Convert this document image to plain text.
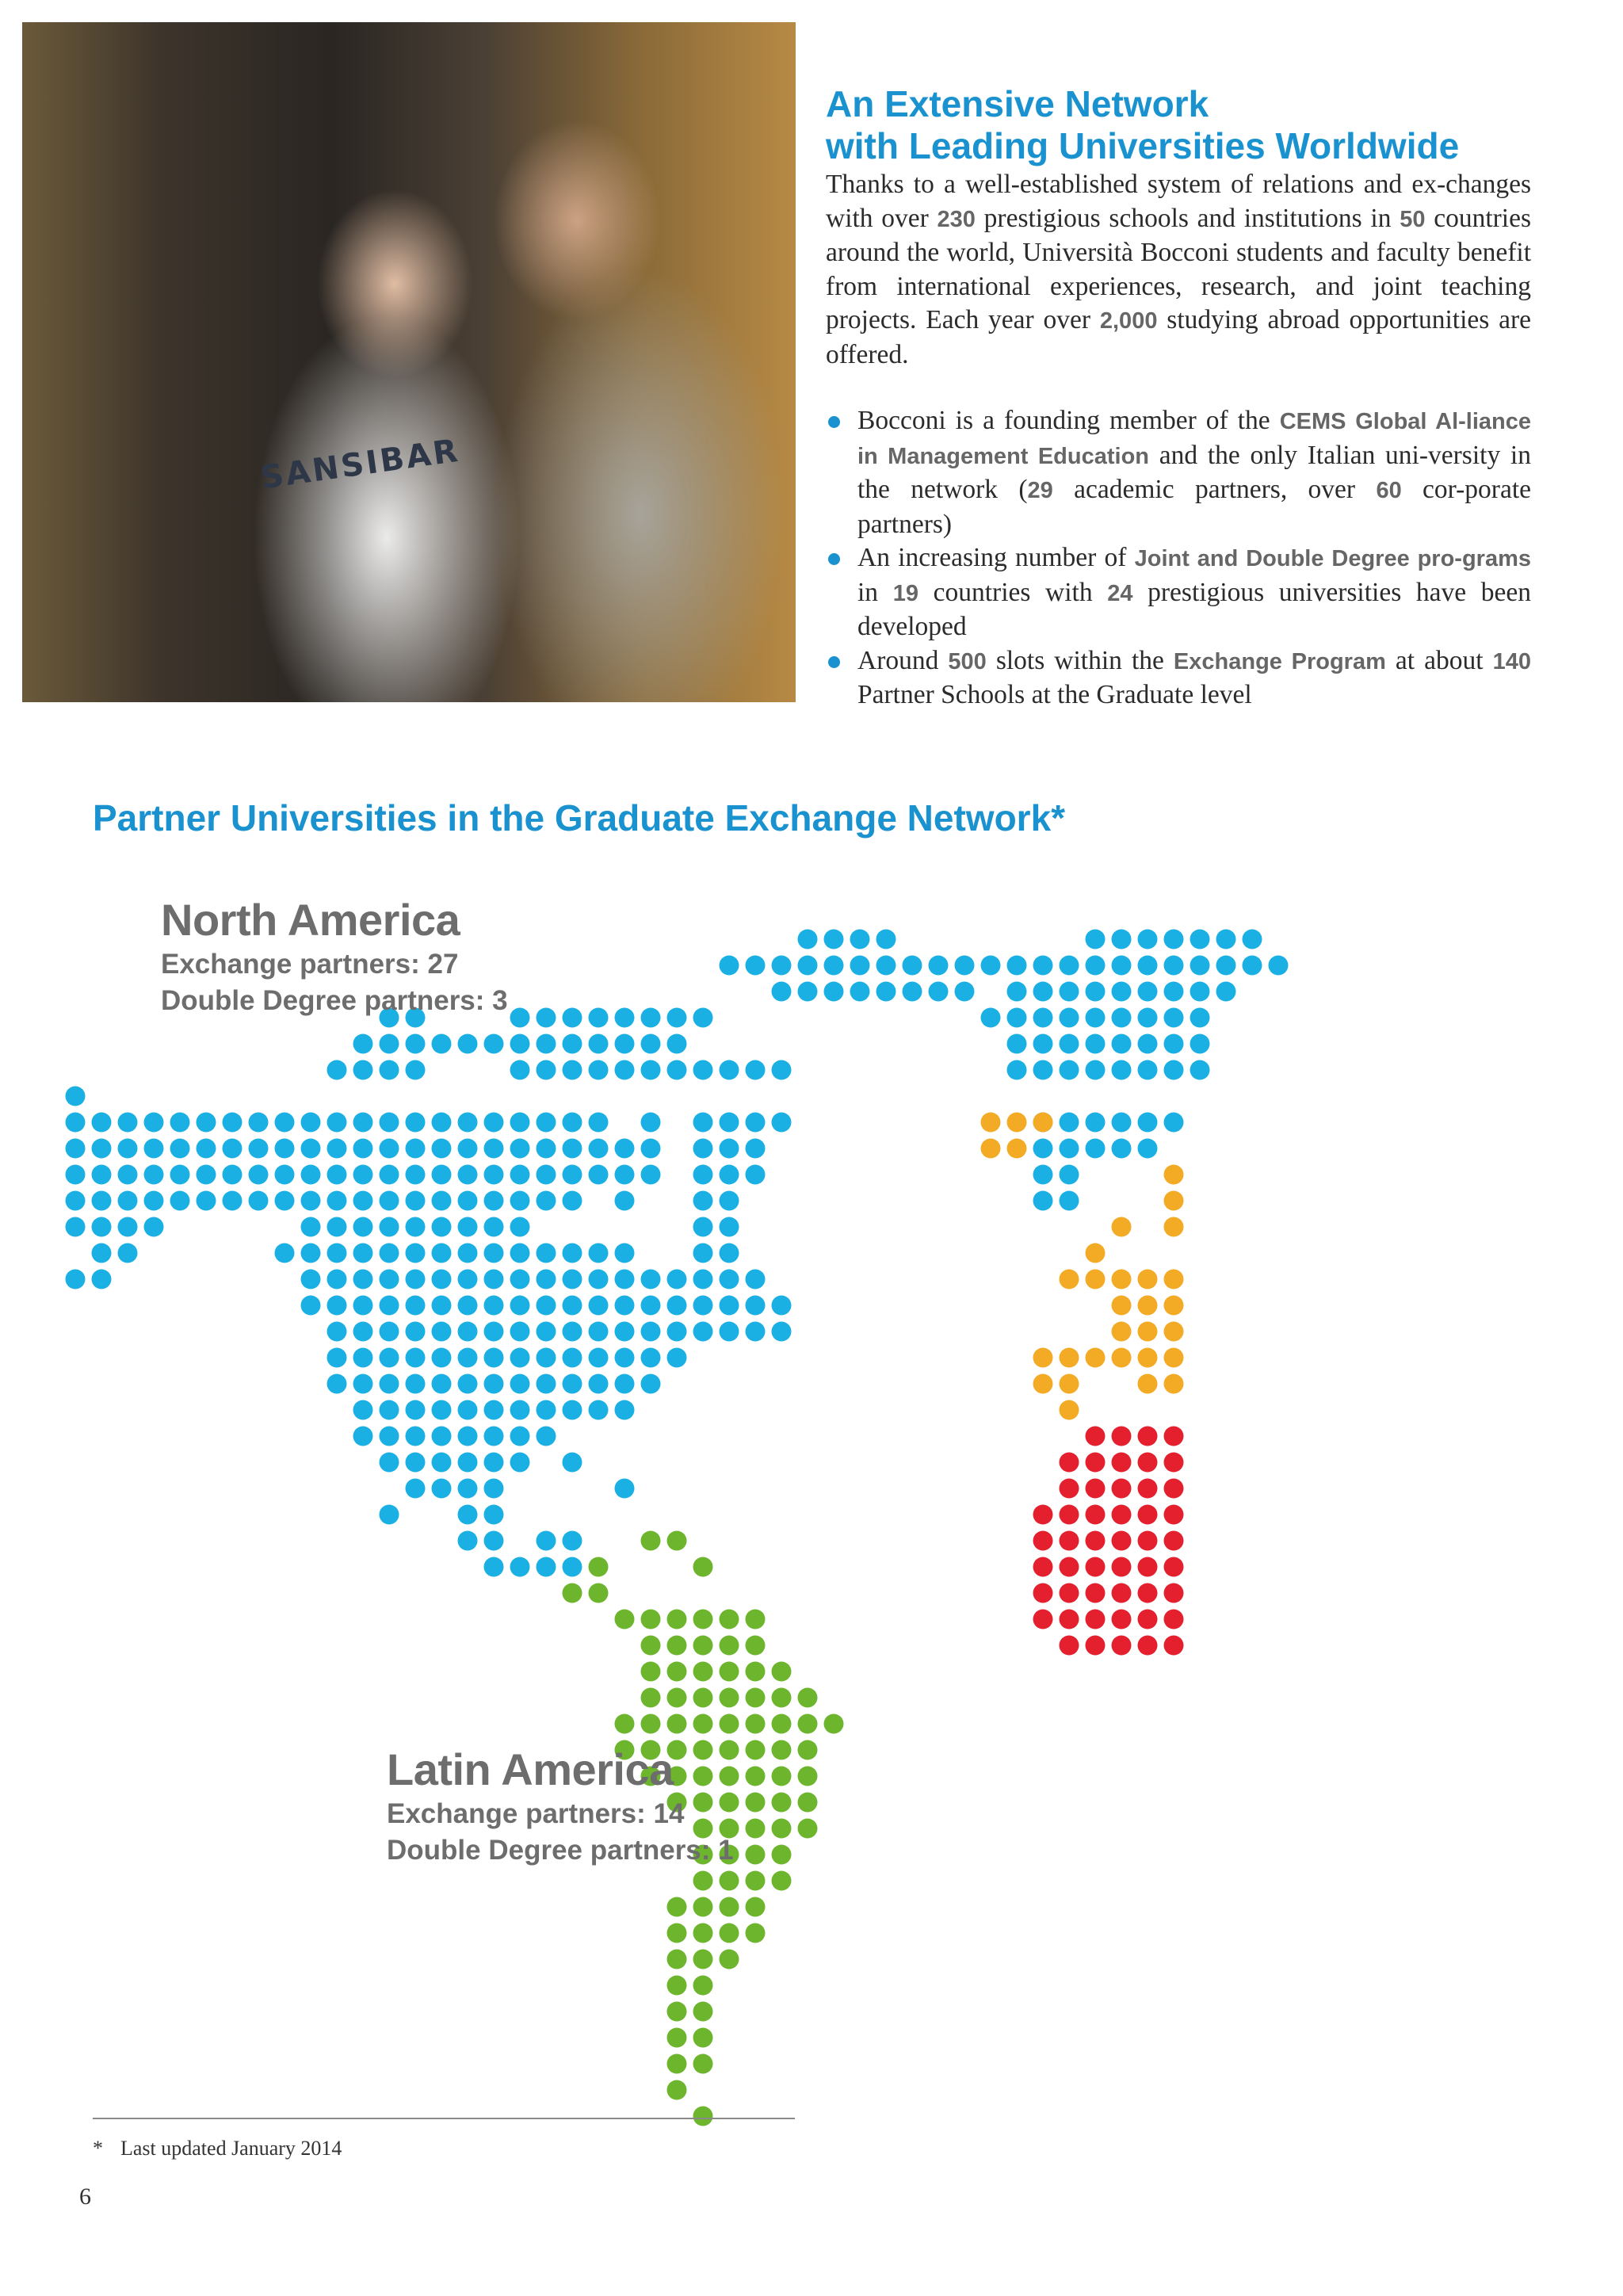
SANSIBAR
An Extensive Network
with Leading Universities Worldwide

Thanks to a well-established system of relations and ex-changes with over 230 prestigious schools and institutions in 50 countries around the world, Università Bocconi students and faculty benefit from international experiences, research, and joint teaching projects. Each year over 2,000 studying abroad opportunities are offered.

Bocconi is a founding member of the CEMS Global Al-liance in Management Education and the only Italian uni-versity in the network (29 academic partners, over 60 cor-porate partners)
An increasing number of Joint and Double Degree pro-grams in 19 countries with 24 prestigious universities have been developed
Around 500 slots within the Exchange Program at about 140 Partner Schools at the Graduate level
Partner Universities in the Graduate Exchange Network*
North America
Exchange partners: 27
Double Degree partners: 3
Latin America
Exchange partners: 14
Double Degree partners: 1
* Last updated January 2014
6
